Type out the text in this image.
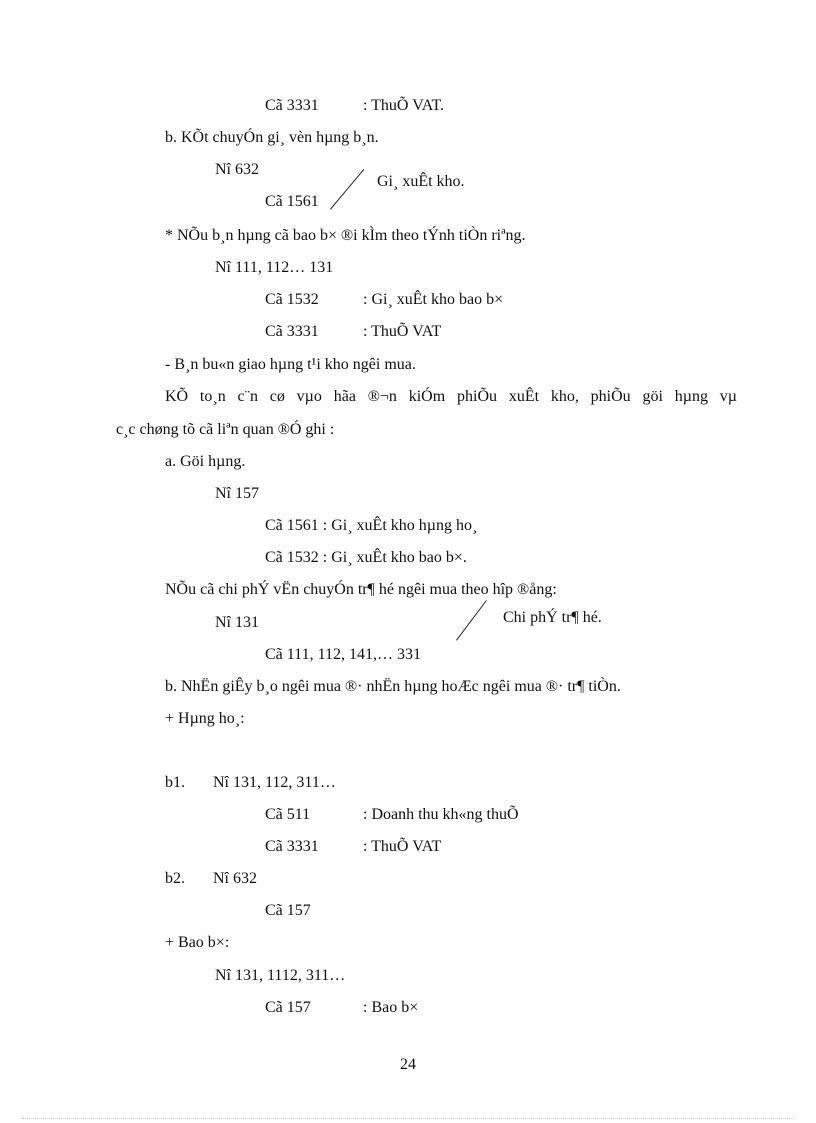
Cã 3331	: ThuÕ VAT.
b. KÕt chuyÓn gi¸ vèn hµng b¸n.
Nî 632
Gi¸ xuÊt kho.
Cã 1561
* NÕu b¸n hµng cã bao b× ®i kÌm theo tÝnh tiÒn riªng.
Nî 111, 112… 131
Cã 1532	: Gi¸ xuÊt kho bao b×
Cã 3331	: ThuÕ VAT
- B¸n bu«n giao hµng t¹i kho ngêi mua.
KÕ to¸n c¨n cø vµo hãa ®¬n kiÓm phiÕu xuÊt kho, phiÕu göi hµng vµ
c¸c chøng tõ cã liªn quan ®Ó ghi :
a. Göi hµng.
Nî 157
Cã 1561 : Gi¸ xuÊt kho hµng ho¸
Cã 1532 : Gi¸ xuÊt kho bao b×.
NÕu cã chi phÝ vËn chuyÓn tr¶ hé ngêi mua theo hîp ®ång:
Nî 131	Chi phÝ tr¶ hé.
Cã 111, 112, 141,… 331
b. NhËn giÊy b¸o ngêi mua ®· nhËn hµng hoÆc ngêi mua ®· tr¶ tiÒn.
+ Hµng ho¸:
b1. Nî 131, 112, 311…
Cã 511	: Doanh thu kh«ng thuÕ
Cã 3331	: ThuÕ VAT
b2. Nî 632
Cã 157
+ Bao b×:
Nî 131, 1112, 311…
Cã 157	: Bao b×
24
